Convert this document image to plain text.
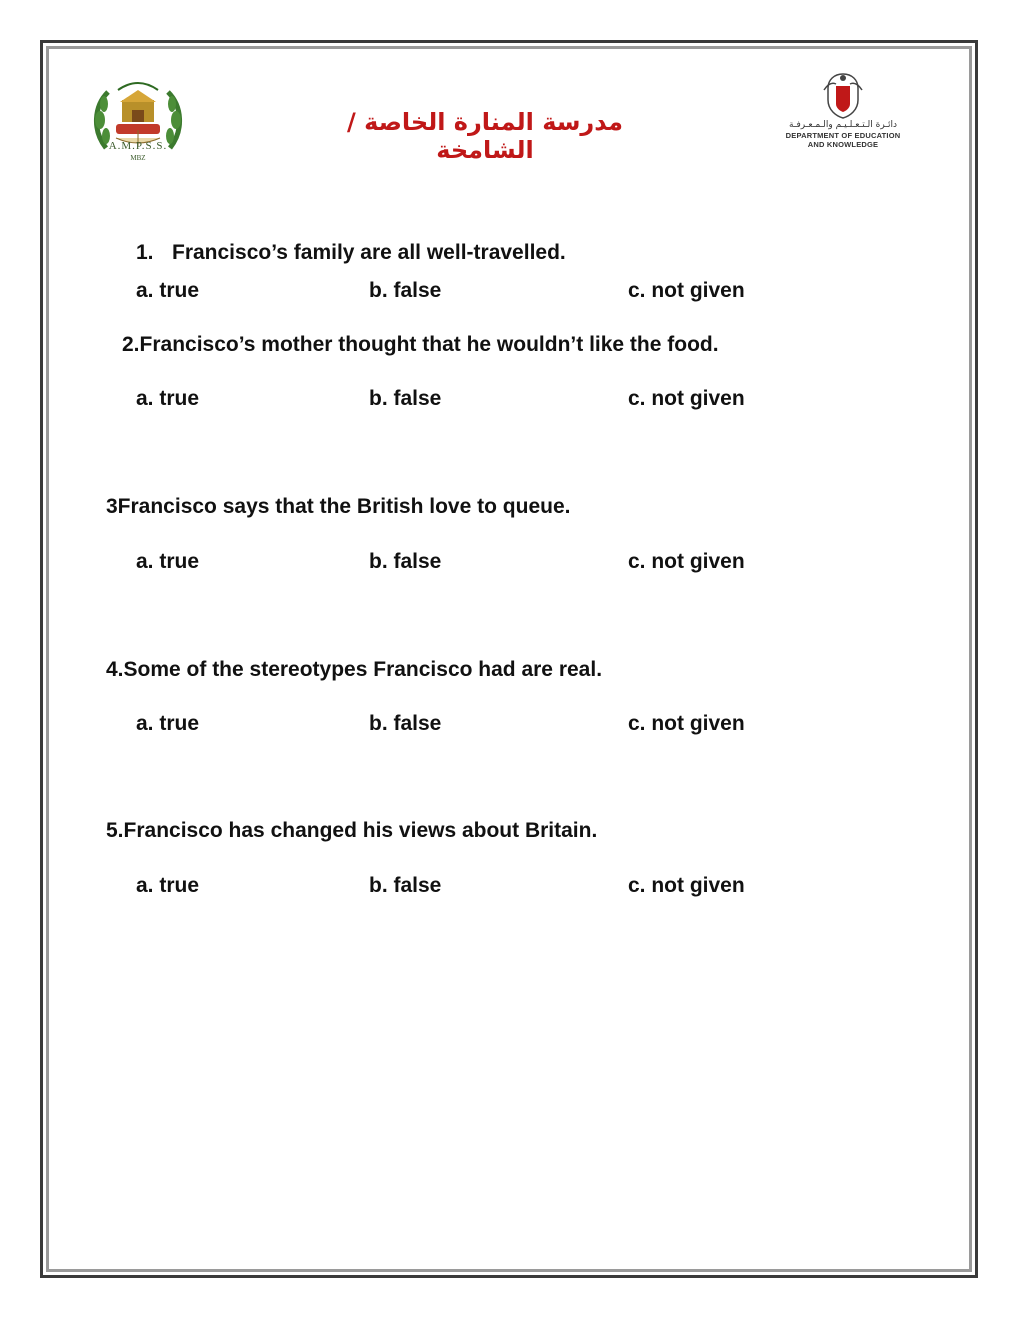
A.M.P.S.S.
MBZ
مدرسة المنارة الخاصة / الشامخة
دائـرة الـتـعـلـيـم والـمـعـرفـة
DEPARTMENT OF EDUCATION
AND KNOWLEDGE
1. Francisco’s family are all well-travelled.
a. true	b. false	c. not given
2.Francisco’s mother thought that he wouldn’t like the food.
a. true	b. false	c. not given
3Francisco says that the British love to queue.
a. true	b. false	c. not given
4.Some of the stereotypes Francisco had are real.
a. true	b. false	c. not given
5.Francisco has changed his views about Britain.
a. true	b. false	c. not given
